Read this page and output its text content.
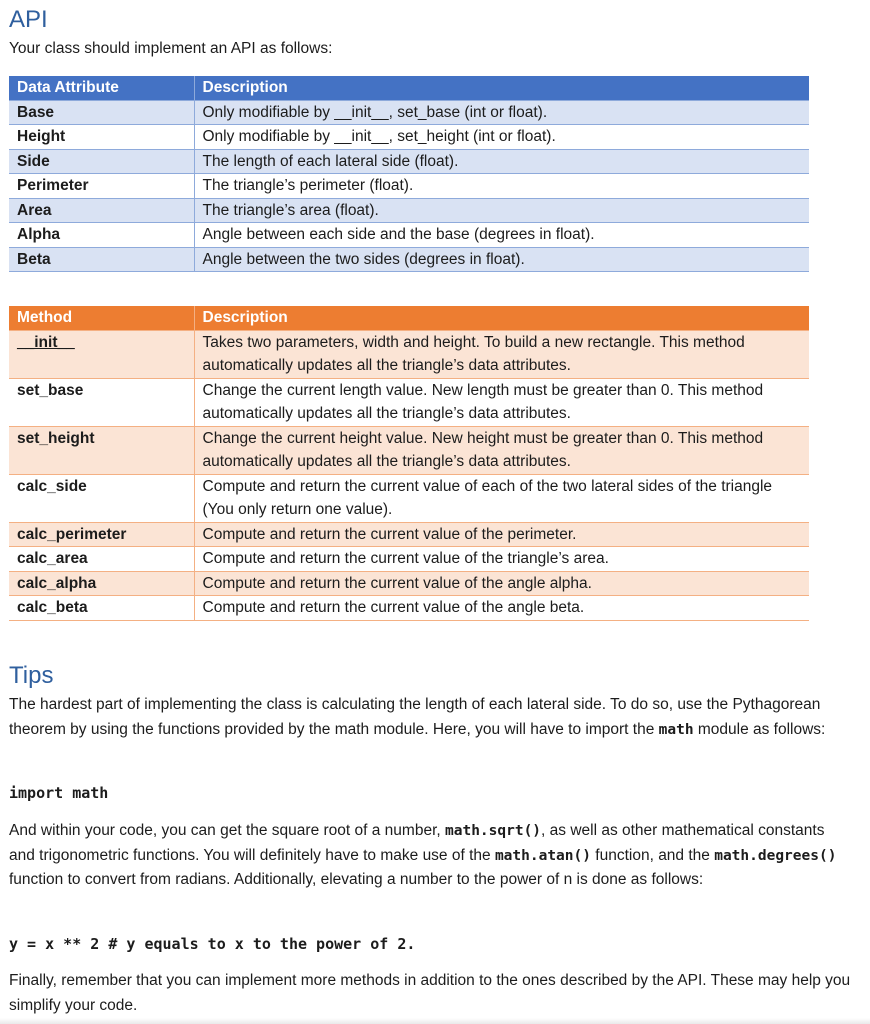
API
Your class should implement an API as follows:
Data Attribute	Description
Base	Only modifiable by __init__, set_base (int or float).
Height	Only modifiable by __init__, set_height (int or float).
Side	The length of each lateral side (float).
Perimeter	The triangle’s perimeter (float).
Area	The triangle’s area (float).
Alpha	Angle between each side and the base (degrees in float).
Beta	Angle between the two sides (degrees in float).
Method	Description
__init__	Takes two parameters, width and height. To build a new rectangle. This method automatically updates all the triangle’s data attributes.
set_base	Change the current length value. New length must be greater than 0. This method automatically updates all the triangle’s data attributes.
set_height	Change the current height value. New height must be greater than 0. This method automatically updates all the triangle’s data attributes.
calc_side	Compute and return the current value of each of the two lateral sides of the triangle (You only return one value).
calc_perimeter	Compute and return the current value of the perimeter.
calc_area	Compute and return the current value of the triangle’s area.
calc_alpha	Compute and return the current value of the angle alpha.
calc_beta	Compute and return the current value of the angle beta.
Tips

The hardest part of implementing the class is calculating the length of each lateral side. To do so, use the Pythagorean theorem by using the functions provided by the math module. Here, you will have to import the math module as follows:

import math

And within your code, you can get the square root of a number, math.sqrt(), as well as other mathematical constants and trigonometric functions. You will definitely have to make use of the math.atan() function, and the math.degrees() function to convert from radians. Additionally, elevating a number to the power of n is done as follows:

y = x ** 2 # y equals to x to the power of 2.

Finally, remember that you can implement more methods in addition to the ones described by the API. These may help you simplify your code.
